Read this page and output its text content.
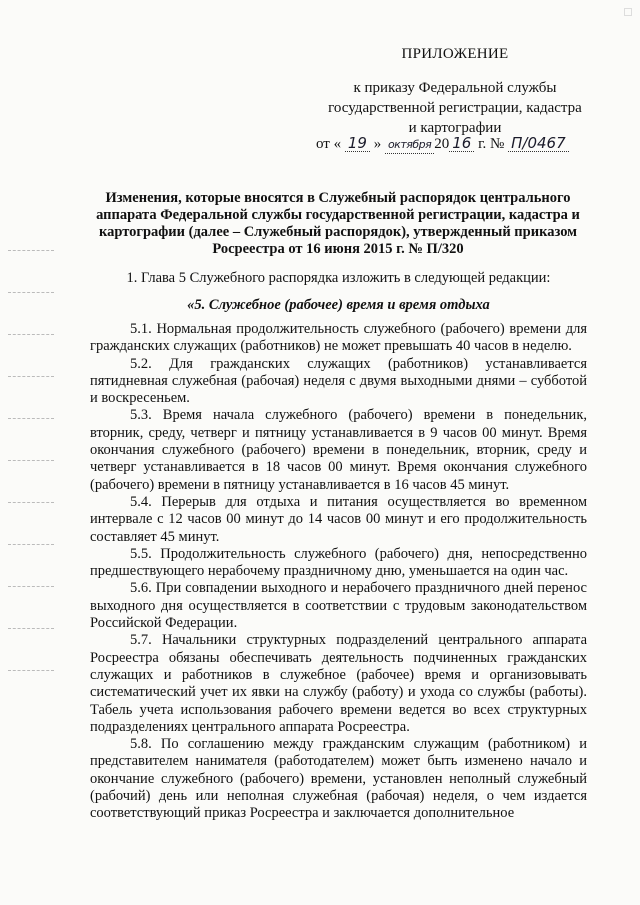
ПРИЛОЖЕНИЕ
к приказу Федеральной службы
государственной регистрации, кадастра
и картографии
от « 19 » октября 20 16 г. № П/0467
Изменения, которые вносятся в Служебный распорядок центрального аппарата Федеральной службы государственной регистрации, кадастра и картографии (далее – Служебный распорядок), утвержденный приказом Росреестра от 16 июня 2015 г. № П/320
1. Глава 5 Служебного распорядка изложить в следующей редакции:
«5. Служебное (рабочее) время и время отдыха

5.1. Нормальная продолжительность служебного (рабочего) времени для гражданских служащих (работников) не может превышать 40 часов в неделю.

5.2. Для гражданских служащих (работников) устанавливается пятидневная служебная (рабочая) неделя с двумя выходными днями – субботой и воскресеньем.

5.3. Время начала служебного (рабочего) времени в понедельник, вторник, среду, четверг и пятницу устанавливается в 9 часов 00 минут. Время окончания служебного (рабочего) времени в понедельник, вторник, среду и четверг устанавливается в 18 часов 00 минут. Время окончания служебного (рабочего) времени в пятницу устанавливается в 16 часов 45 минут.

5.4. Перерыв для отдыха и питания осуществляется во временном интервале с 12 часов 00 минут до 14 часов 00 минут и его продолжительность составляет 45 минут.

5.5. Продолжительность служебного (рабочего) дня, непосредственно предшествующего нерабочему праздничному дню, уменьшается на один час.

5.6. При совпадении выходного и нерабочего праздничного дней перенос выходного дня осуществляется в соответствии с трудовым законодательством Российской Федерации.

5.7. Начальники структурных подразделений центрального аппарата Росреестра обязаны обеспечивать деятельность подчиненных гражданских служащих и работников в служебное (рабочее) время и организовывать систематический учет их явки на службу (работу) и ухода со службы (работы). Табель учета использования рабочего времени ведется во всех структурных подразделениях центрального аппарата Росреестра.

5.8. По соглашению между гражданским служащим (работником) и представителем нанимателя (работодателем) может быть изменено начало и окончание служебного (рабочего) времени, установлен неполный служебный (рабочий) день или неполная служебная (рабочая) неделя, о чем издается соответствующий приказ Росреестра и заключается дополнительное
